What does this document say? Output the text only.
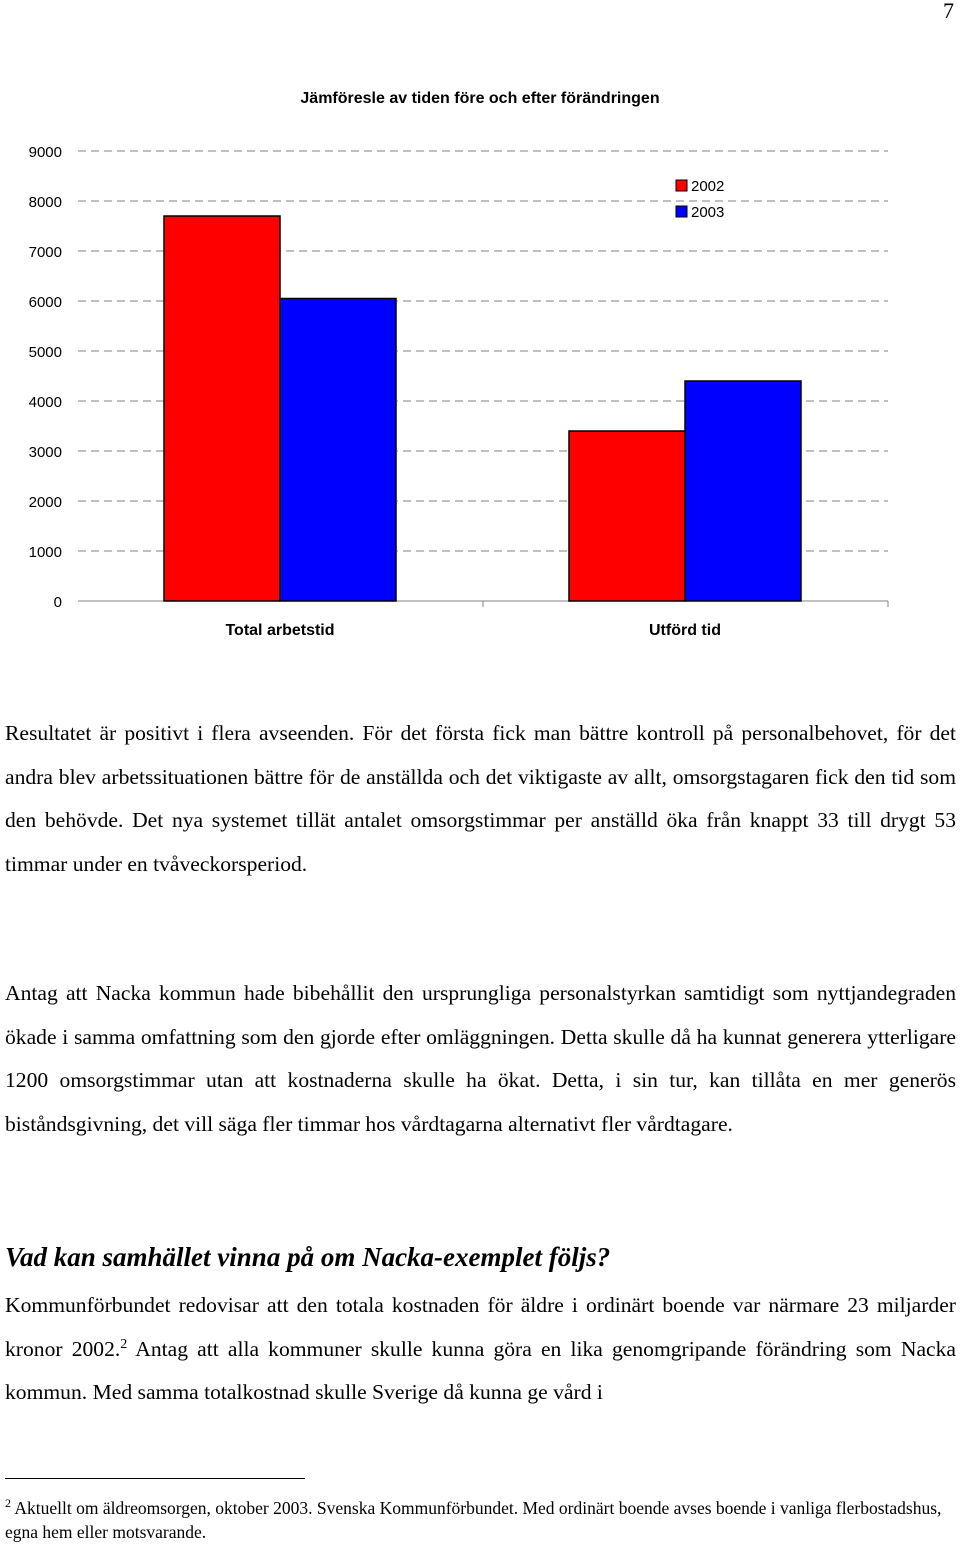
7
Jämföresle av tiden före och efter förändringen
0
1000
2000
3000
4000
5000
6000
7000
8000
9000
Total arbetstid	Utförd tid
2002
2003

Resultatet är positivt i flera avseenden. För det första fick man bättre kontroll på personalbehovet, för det andra blev arbetssituationen bättre för de anställda och det viktigaste av allt, omsorgstagaren fick den tid som den behövde. Det nya systemet tillät antalet omsorgstimmar per anställd öka från knappt 33 till drygt 53 timmar under en tvåveckorsperiod.

Antag att Nacka kommun hade bibehållit den ursprungliga personalstyrkan samtidigt som nyttjandegraden ökade i samma omfattning som den gjorde efter omläggningen. Detta skulle då ha kunnat generera ytterligare 1200 omsorgstimmar utan att kostnaderna skulle ha ökat. Detta, i sin tur, kan tillåta en mer generös biståndsgivning, det vill säga fler timmar hos vårdtagarna alternativt fler vårdtagare.

Vad kan samhället vinna på om Nacka-exemplet följs?

Kommunförbundet redovisar att den totala kostnaden för äldre i ordinärt boende var närmare 23 miljarder kronor 2002.$^2$ Antag att alla kommuner skulle kunna göra en lika genomgripande förändring som Nacka kommun. Med samma totalkostnad skulle Sverige då kunna ge vård i

$^2$ Aktuellt om äldreomsorgen, oktober 2003. Svenska Kommunförbundet. Med ordinärt boende avses boende i vanliga flerbostadshus, egna hem eller motsvarande.
